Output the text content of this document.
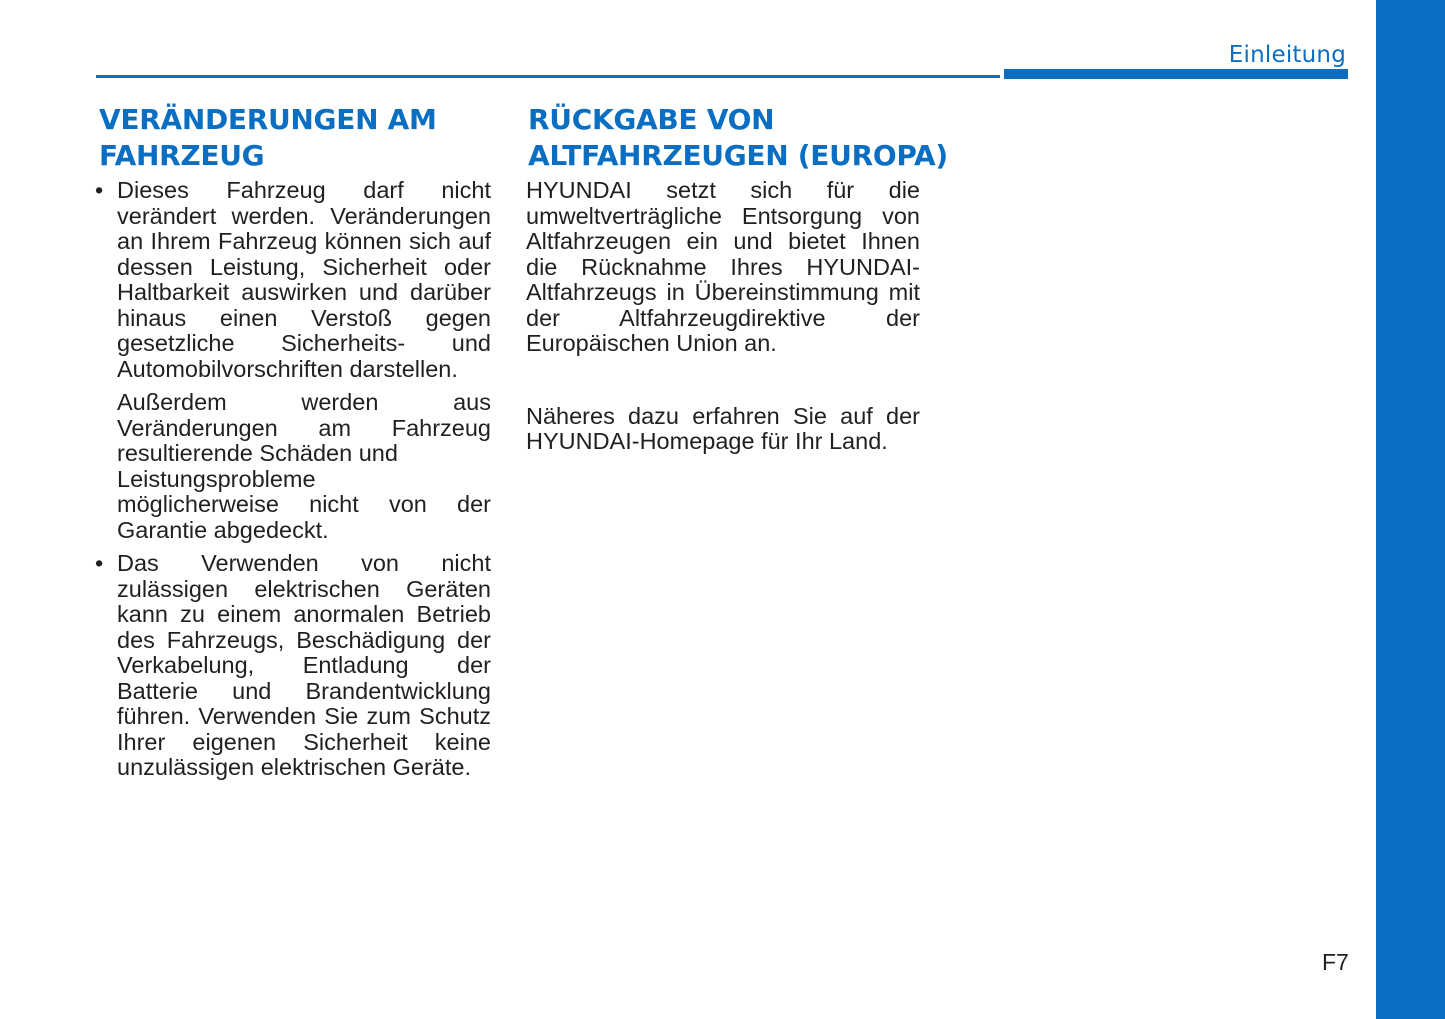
Einleitung
VERÄNDERUNGEN AM
FAHRZEUG
RÜCKGABE VON
ALTFAHRZEUGEN (EUROPA)
• Dieses Fahrzeug darf nicht verändert werden. Veränderungen an Ihrem Fahrzeug können sich auf dessen Leistung, Sicherheit oder Haltbarkeit auswirken und darüber hinaus einen Verstoß gegen gesetzliche Sicherheits- und Automobilvorschriften darstellen.

Außerdem werden aus Veränderungen am Fahrzeug resultierende Schäden und
Leistungsprobleme
möglicherweise nicht von der Garantie abgedeckt.

• Das Verwenden von nicht zulässigen elektrischen Geräten kann zu einem anormalen Betrieb des Fahrzeugs, Beschädigung der Verkabelung, Entladung der Batterie und Brandentwicklung führen. Verwenden Sie zum Schutz Ihrer eigenen Sicherheit keine unzulässigen elektrischen Geräte.

HYUNDAI setzt sich für die umweltverträgliche Entsorgung von Altfahrzeugen ein und bietet Ihnen die Rücknahme Ihres HYUNDAI-Altfahrzeugs in Übereinstimmung mit der Altfahrzeugdirektive der Europäischen Union an.

Näheres dazu erfahren Sie auf der HYUNDAI-Homepage für Ihr Land.

F7
